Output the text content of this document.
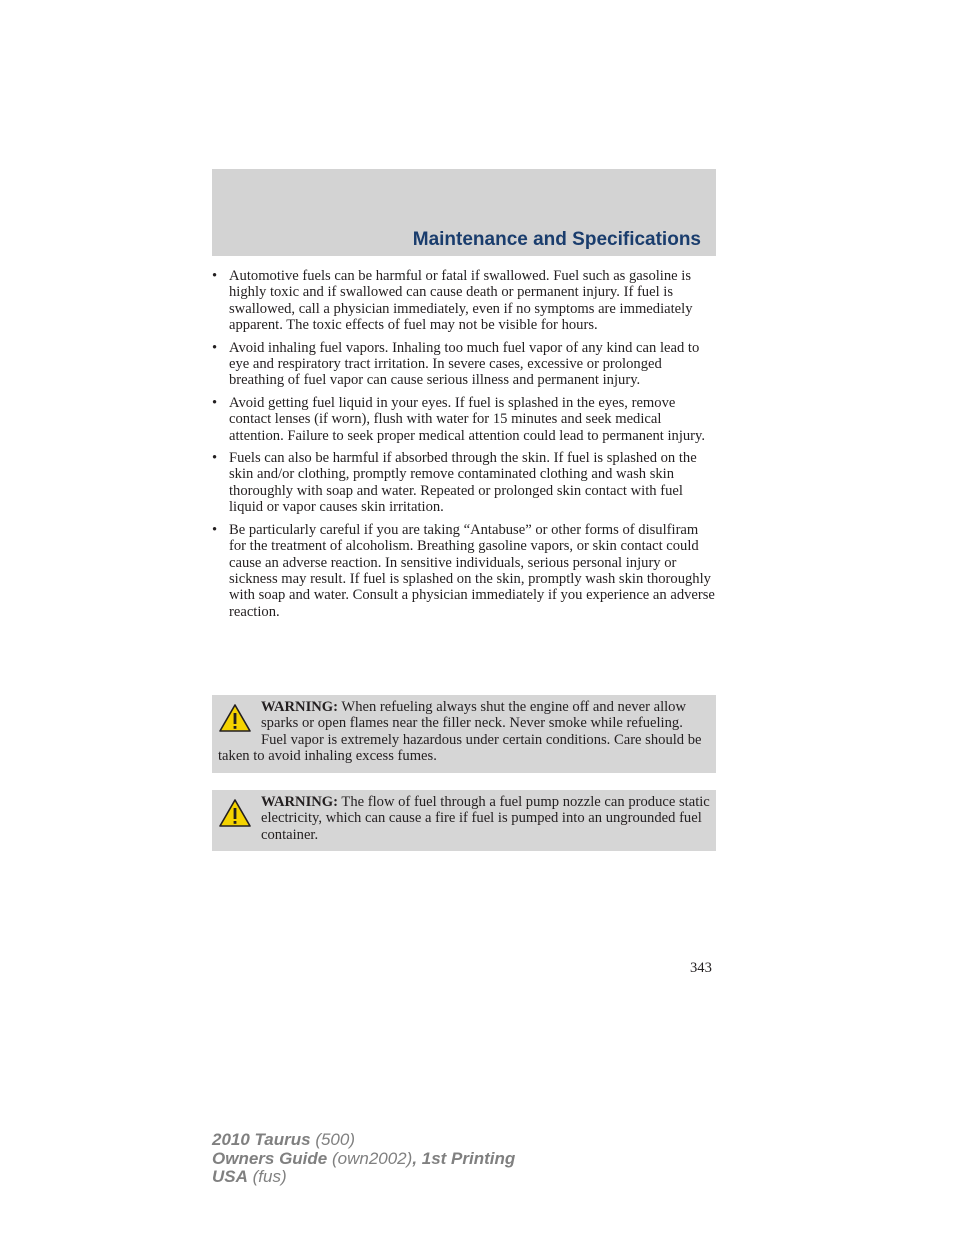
Maintenance and Specifications
• Automotive fuels can be harmful or fatal if swallowed. Fuel such as gasoline is highly toxic and if swallowed can cause death or permanent injury. If fuel is swallowed, call a physician immediately, even if no symptoms are immediately apparent. The toxic effects of fuel may not be visible for hours.
• Avoid inhaling fuel vapors. Inhaling too much fuel vapor of any kind can lead to eye and respiratory tract irritation. In severe cases, excessive or prolonged breathing of fuel vapor can cause serious illness and permanent injury.
• Avoid getting fuel liquid in your eyes. If fuel is splashed in the eyes, remove contact lenses (if worn), flush with water for 15 minutes and seek medical attention. Failure to seek proper medical attention could lead to permanent injury.
• Fuels can also be harmful if absorbed through the skin. If fuel is splashed on the skin and/or clothing, promptly remove contaminated clothing and wash skin thoroughly with soap and water. Repeated or prolonged skin contact with fuel liquid or vapor causes skin irritation.
• Be particularly careful if you are taking “Antabuse” or other forms of disulfiram for the treatment of alcoholism. Breathing gasoline vapors, or skin contact could cause an adverse reaction. In sensitive individuals, serious personal injury or sickness may result. If fuel is splashed on the skin, promptly wash skin thoroughly with soap and water. Consult a physician immediately if you experience an adverse reaction.
WARNING: When refueling always shut the engine off and never allow sparks or open flames near the filler neck. Never smoke while refueling. Fuel vapor is extremely hazardous under certain conditions. Care should be taken to avoid inhaling excess fumes.
WARNING: The flow of fuel through a fuel pump nozzle can produce static electricity, which can cause a fire if fuel is pumped into an ungrounded fuel container.
343
2010 Taurus (500)
Owners Guide (own2002), 1st Printing
USA (fus)
